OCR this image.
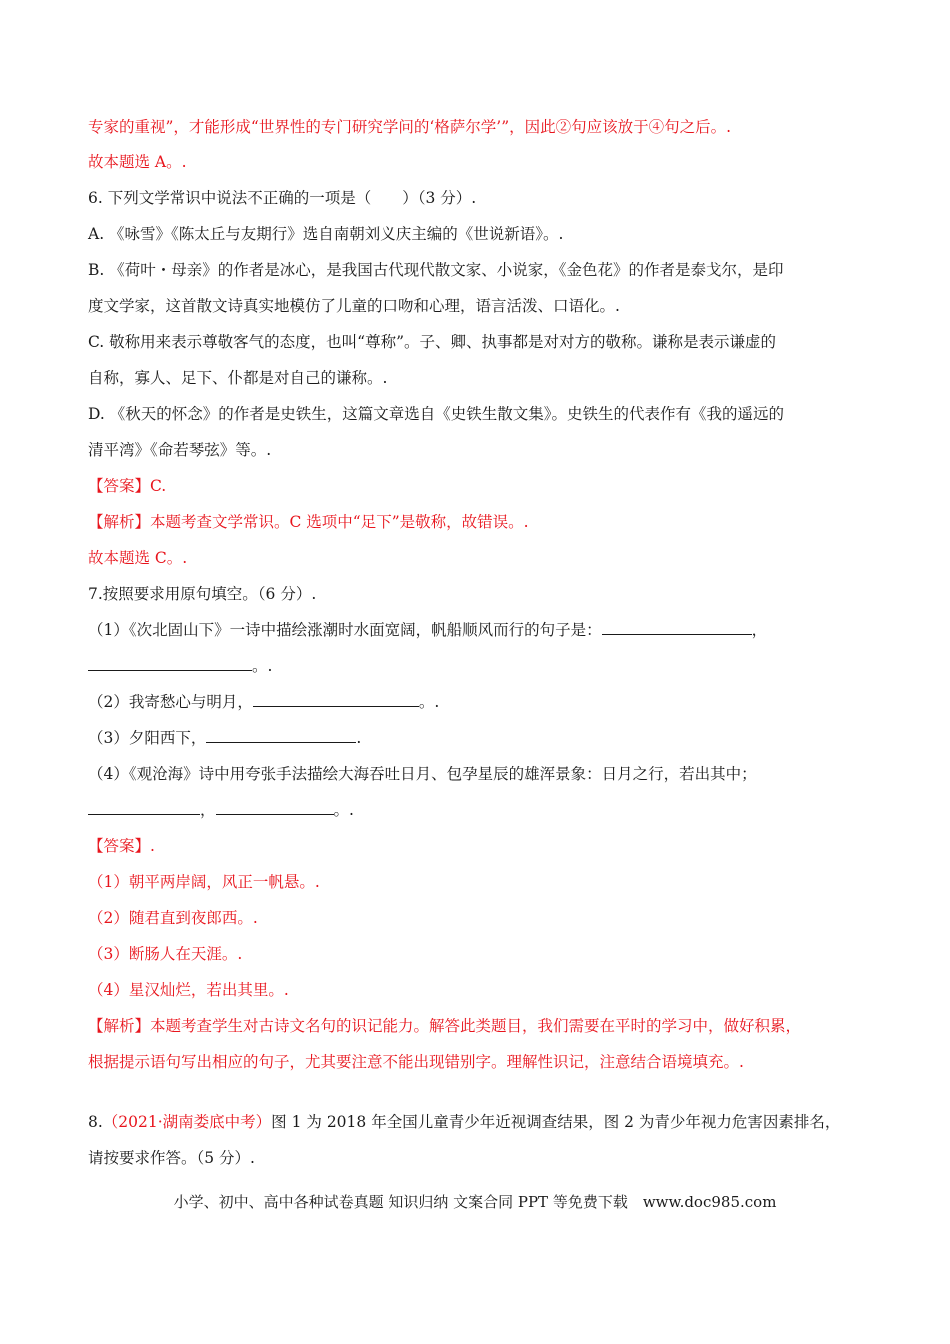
专家的重视”，才能形成“世界性的专门研究学问的‘格萨尔学’”，因此②句应该放于④句之后。.
故本题选 A。.
6. 下列文学常识中说法不正确的一项是（　　）（3 分）.
A. 《咏雪》《陈太丘与友期行》选自南朝刘义庆主编的《世说新语》。.
B. 《荷叶・母亲》的作者是冰心，是我国古代现代散文家、小说家，《金色花》的作者是泰戈尔，是印
度文学家，这首散文诗真实地模仿了儿童的口吻和心理，语言活泼、口语化。.
C. 敬称用来表示尊敬客气的态度，也叫“尊称”。子、卿、执事都是对对方的敬称。谦称是表示谦虚的
自称，寡人、足下、仆都是对自己的谦称。.
D. 《秋天的怀念》的作者是史铁生，这篇文章选自《史铁生散文集》。史铁生的代表作有《我的遥远的
清平湾》《命若琴弦》等。.
【答案】C.
【解析】本题考查文学常识。C 选项中“足下”是敬称，故错误。.
故本题选 C。.
7.按照要求用原句填空。（6 分）.
（1）《次北固山下》一诗中描绘涨潮时水面宽阔，帆船顺风而行的句子是：	，
。.
（2）我寄愁心与明月，	。.
（3）夕阳西下，	.
（4）《观沧海》诗中用夸张手法描绘大海吞吐日月、包孕星辰的雄浑景象：日月之行，若出其中；
，	。.
【答案】.
（1）朝平两岸阔，风正一帆悬。.
（2）随君直到夜郎西。.
（3）断肠人在天涯。.
（4）星汉灿烂，若出其里。.
【解析】本题考查学生对古诗文名句的识记能力。解答此类题目，我们需要在平时的学习中，做好积累，
根据提示语句写出相应的句子，尤其要注意不能出现错别字。理解性识记，注意结合语境填充。.
8.（2021·湖南娄底中考）图 1 为 2018 年全国儿童青少年近视调查结果，图 2 为青少年视力危害因素排名，
请按要求作答。（5 分）.
小学、初中、高中各种试卷真题 知识归纳 文案合同 PPT 等免费下载　www.doc985.com
